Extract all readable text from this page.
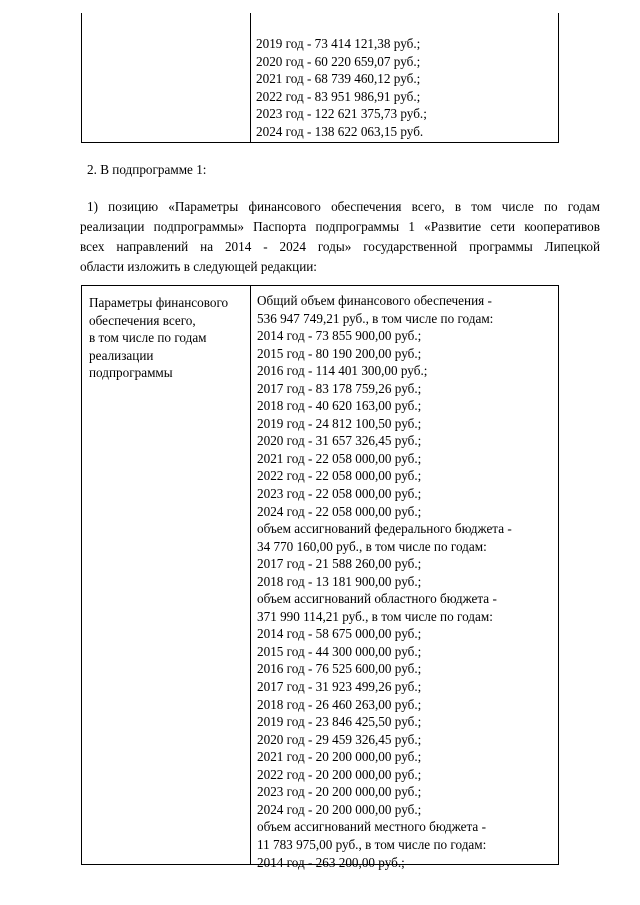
2019 год - 73 414 121,38 руб.;
2020 год - 60 220 659,07 руб.;
2021 год - 68 739 460,12 руб.;
2022 год - 83 951 986,91 руб.;
2023 год - 122 621 375,73 руб.;
2024 год - 138 622 063,15 руб.

2. В подпрограмме 1:

1) позицию «Параметры финансового обеспечения всего, в том числе по годам
реализации подпрограммы» Паспорта подпрограммы 1 «Развитие сети кооперативов
всех направлений на 2014 - 2024 годы» государственной программы Липецкой
области изложить в следующей редакции:
Параметры финансового
обеспечения всего,
в том числе по годам
реализации
подпрограммы
Общий объем финансового обеспечения -
536 947 749,21 руб., в том числе по годам:
2014 год - 73 855 900,00 руб.;
2015 год - 80 190 200,00 руб.;
2016 год - 114 401 300,00 руб.;
2017 год - 83 178 759,26 руб.;
2018 год - 40 620 163,00 руб.;
2019 год - 24 812 100,50 руб.;
2020 год - 31 657 326,45 руб.;
2021 год - 22 058 000,00 руб.;
2022 год - 22 058 000,00 руб.;
2023 год - 22 058 000,00 руб.;
2024 год - 22 058 000,00 руб.;
объем ассигнований федерального бюджета -
34 770 160,00 руб., в том числе по годам:
2017 год - 21 588 260,00 руб.;
2018 год - 13 181 900,00 руб.;
объем ассигнований областного бюджета -
371 990 114,21 руб., в том числе по годам:
2014 год - 58 675 000,00 руб.;
2015 год - 44 300 000,00 руб.;
2016 год - 76 525 600,00 руб.;
2017 год - 31 923 499,26 руб.;
2018 год - 26 460 263,00 руб.;
2019 год - 23 846 425,50 руб.;
2020 год - 29 459 326,45 руб.;
2021 год - 20 200 000,00 руб.;
2022 год - 20 200 000,00 руб.;
2023 год - 20 200 000,00 руб.;
2024 год - 20 200 000,00 руб.;
объем ассигнований местного бюджета -
11 783 975,00 руб., в том числе по годам:
2014 год - 263 200,00 руб.;
